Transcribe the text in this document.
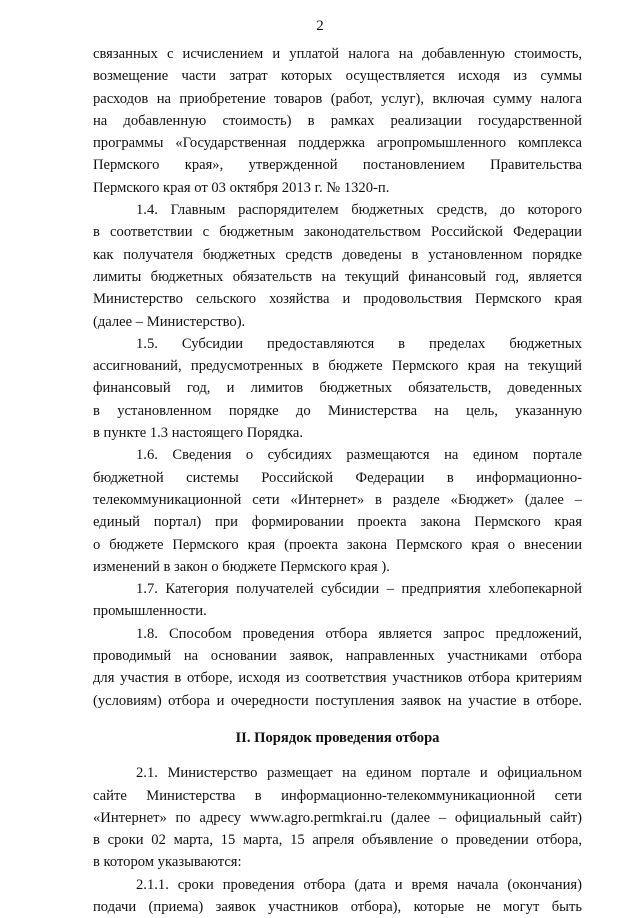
2
связанных с исчислением и уплатой налога на добавленную стоимость,
возмещение части затрат которых осуществляется исходя из суммы
расходов на приобретение товаров (работ, услуг), включая сумму налога
на добавленную стоимость) в рамках реализации государственной
программы «Государственная поддержка агропромышленного комплекса
Пермского края», утвержденной постановлением Правительства
Пермского края от 03 октября 2013 г. № 1320-п.
1.4. Главным распорядителем бюджетных средств, до которого
в соответствии с бюджетным законодательством Российской Федерации
как получателя бюджетных средств доведены в установленном порядке
лимиты бюджетных обязательств на текущий финансовый год, является
Министерство сельского хозяйства и продовольствия Пермского края
(далее – Министерство).
1.5. Субсидии предоставляются в пределах бюджетных
ассигнований, предусмотренных в бюджете Пермского края на текущий
финансовый год, и лимитов бюджетных обязательств, доведенных
в установленном порядке до Министерства на цель, указанную
в пункте 1.3 настоящего Порядка.
1.6. Сведения о субсидиях размещаются на едином портале
бюджетной системы Российской Федерации в информационно-
телекоммуникационной сети «Интернет» в разделе «Бюджет» (далее –
единый портал) при формировании проекта закона Пермского края
о бюджете Пермского края (проекта закона Пермского края о внесении
изменений в закон о бюджете Пермского края ).
1.7. Категория получателей субсидии – предприятия хлебопекарной
промышленности.
1.8. Способом проведения отбора является запрос предложений,
проводимый на основании заявок, направленных участниками отбора
для участия в отборе, исходя из соответствия участников отбора критериям
(условиям) отбора и очередности поступления заявок на участие в отборе.
II. Порядок проведения отбора
2.1. Министерство размещает на едином портале и официальном
сайте Министерства в информационно-телекоммуникационной сети
«Интернет» по адресу www.agro.permkrai.ru (далее – официальный сайт)
в сроки 02 марта, 15 марта, 15 апреля объявление о проведении отбора,
в котором указываются:
2.1.1. сроки проведения отбора (дата и время начала (окончания)
подачи (приема) заявок участников отбора), которые не могут быть
